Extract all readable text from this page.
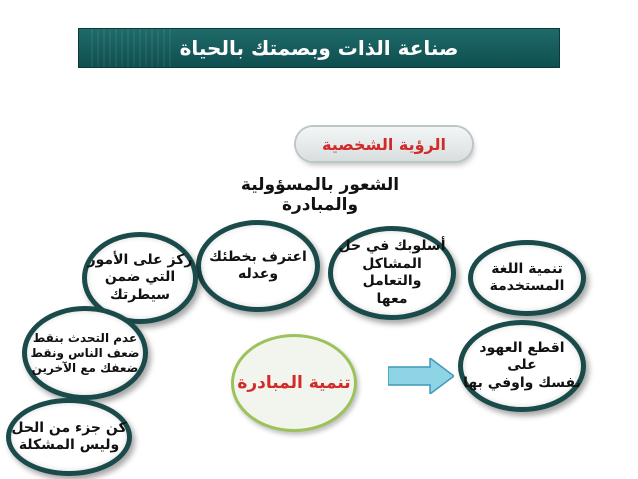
صناعة الذات وبصمتك بالحياة
الرؤية الشخصية
الشعور بالمسؤولية والمبادرة
تنمية اللغة
المستخدمة
أسلوبك في حل
المشاكل والتعامل
معها
اعترف بخطئك
وعدله
ركز على الأمور
التي ضمن
سيطرتك
عدم التحدث بنقط
ضعف الناس ونقط
ضعفك مع الآخرين
كن جزء من الحل
وليس المشكلة
اقطع العهود على
نفسك واوفي بها
تنمية المبادرة
